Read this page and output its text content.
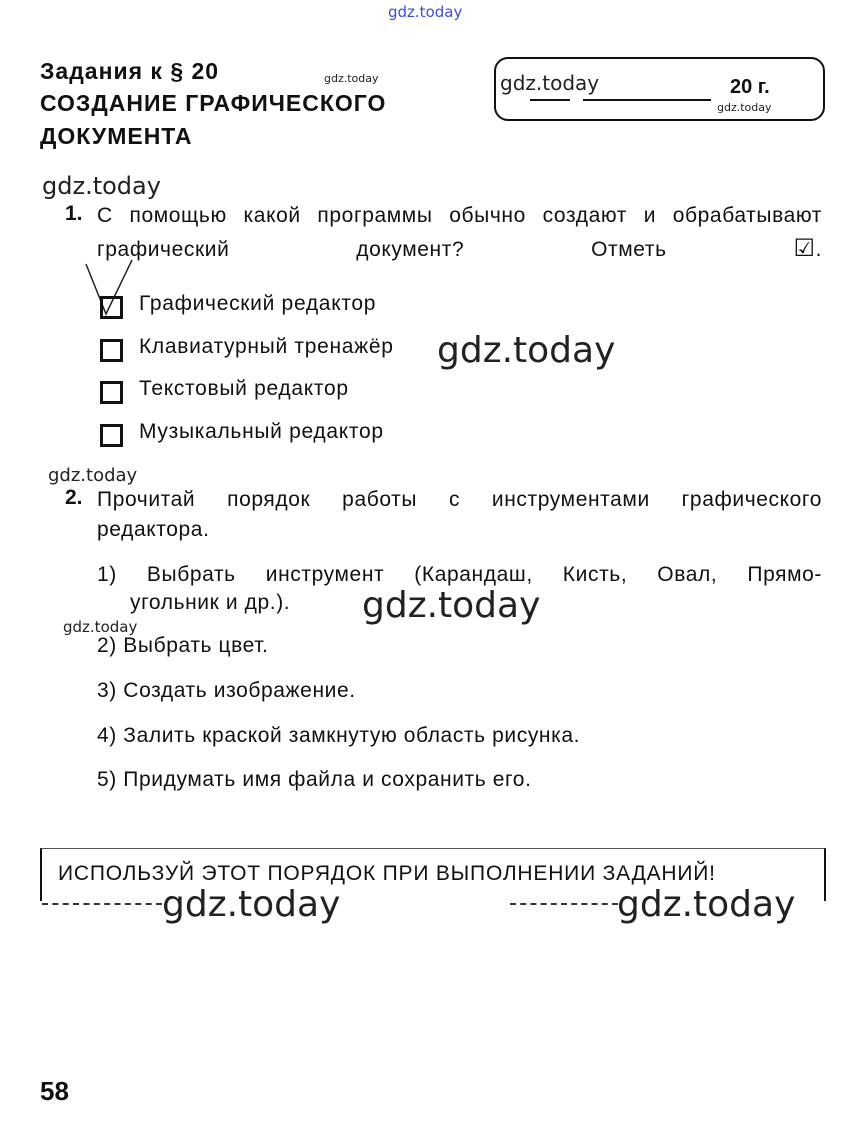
gdz.today
gdz.today
gdz.today
gdz.today
gdz.today
gdz.today
gdz.today
gdz.today
gdz.today	gdz.today
Задания к § 20
СОЗДАНИЕ ГРАФИЧЕСКОГО
ДОКУМЕНТА
gdz.today	20 г.
1. С помощью какой программы обычно создают и обрабатывают графический документ? Отметь	☑.
Графический редактор
Клавиатурный тренажёр
Текстовый редактор
Музыкальный редактор
2. Прочитай порядок работы с инструментами графического
редактора.
1) Выбрать инструмент (Карандаш, Кисть, Овал, Прямо-
угольник и др.).
2) Выбрать цвет.
3) Создать изображение.
4) Залить краской замкнутую область рисунка.
5) Придумать имя файла и сохранить его.
ИСПОЛЬЗУЙ ЭТОТ ПОРЯДОК ПРИ ВЫПОЛНЕНИИ ЗАДАНИЙ!
58
